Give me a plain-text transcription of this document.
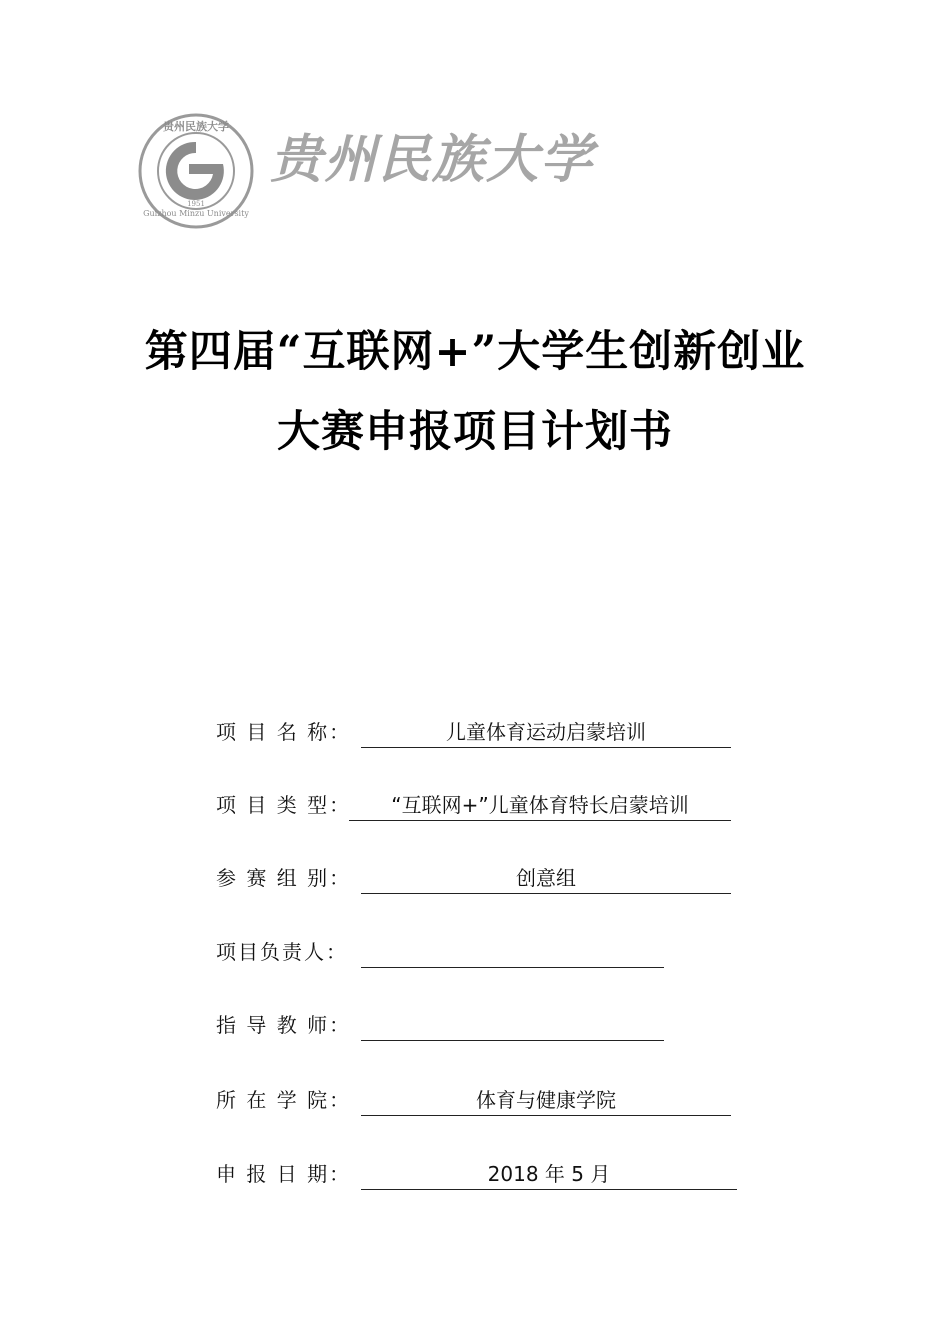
贵州民族大学
Guizhou Minzu University
1951
贵州民族大学
第四届“互联网+”大学生创新创业
大赛申报项目计划书
项 目 名 称：	儿童体育运动启蒙培训
项 目 类 型：	“互联网+”儿童体育特长启蒙培训
参 赛 组 别：	创意组
项目负责人：
指 导 教 师：
所 在 学 院：	体育与健康学院
申 报 日 期：	2018 年 5 月
